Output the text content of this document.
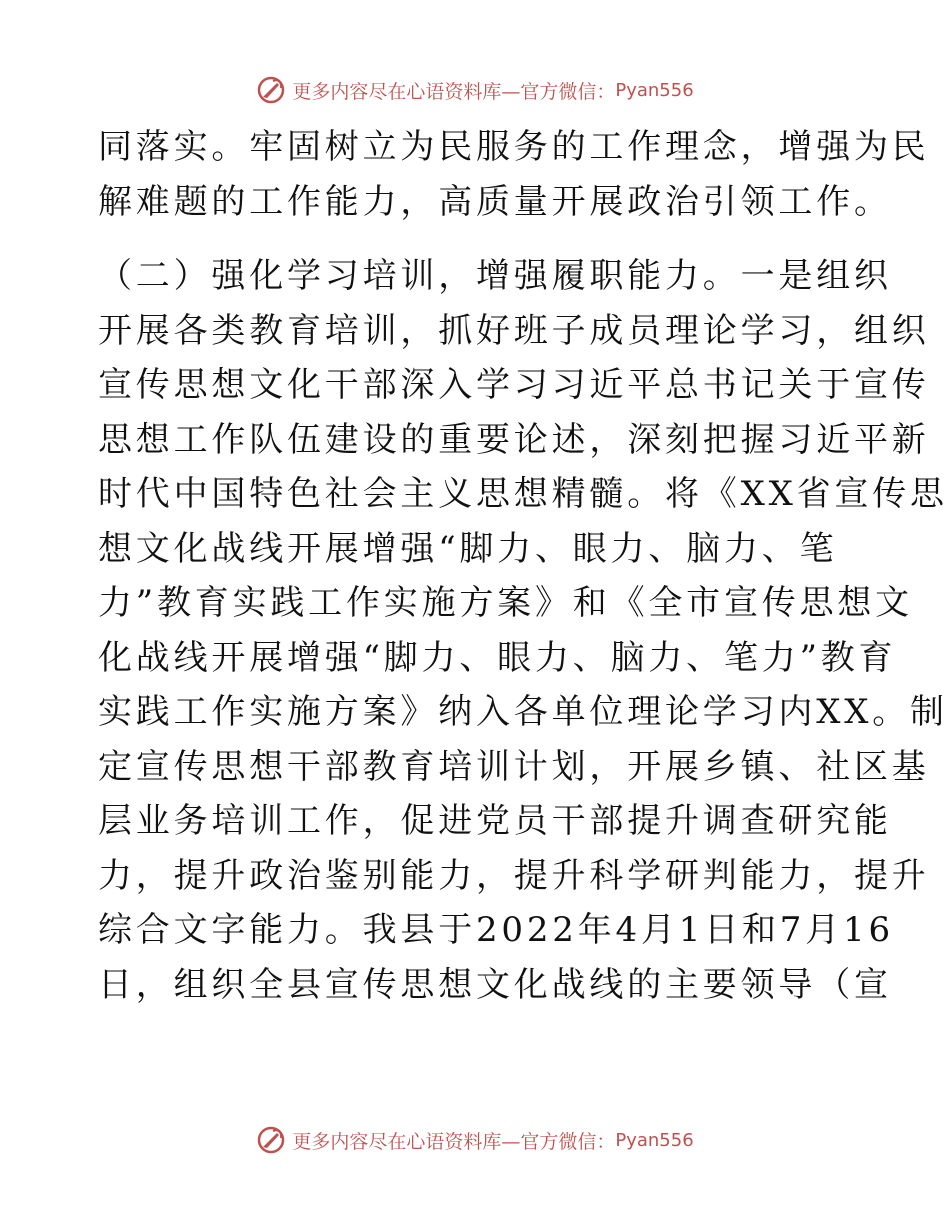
更多内容尽在心语资料库—官方微信： Pyan556
同落实。牢固树立为民服务的工作理念，增强为民
解难题的工作能力，高质量开展政治引领工作。
（二）强化学习培训，增强履职能力。一是组织
开展各类教育培训，抓好班子成员理论学习，组织
宣传思想文化干部深入学习习近平总书记关于宣传
思想工作队伍建设的重要论述，深刻把握习近平新
时代中国特色社会主义思想精髓。将《XX省宣传思
想文化战线开展增强“脚力、眼力、脑力、笔
力”教育实践工作实施方案》和《全市宣传思想文
化战线开展增强“脚力、眼力、脑力、笔力”教育
实践工作实施方案》纳入各单位理论学习内XX。制
定宣传思想干部教育培训计划，开展乡镇、社区基
层业务培训工作，促进党员干部提升调查研究能
力，提升政治鉴别能力，提升科学研判能力，提升
综合文字能力。我县于2022年4月1日和7月16
日，组织全县宣传思想文化战线的主要领导（宣
更多内容尽在心语资料库—官方微信： Pyan556
